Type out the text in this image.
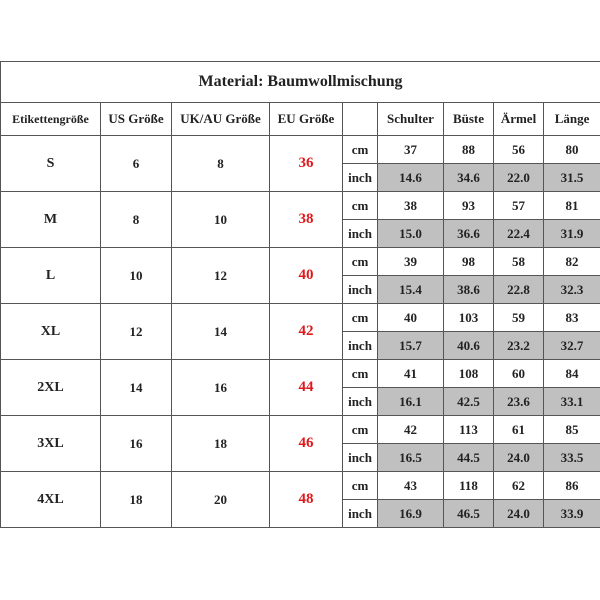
Material: Baumwollmischung								
Etikettengröße	US Größe	UK/AU Größe	EU Größe		Schulter	Büste	Ärmel	Länge
S	6	8	36	cm	37	88	56	80
				inch	14.6	34.6	22.0	31.5
M	8	10	38	cm	38	93	57	81
				inch	15.0	36.6	22.4	31.9
L	10	12	40	cm	39	98	58	82
				inch	15.4	38.6	22.8	32.3
XL	12	14	42	cm	40	103	59	83
				inch	15.7	40.6	23.2	32.7
2XL	14	16	44	cm	41	108	60	84
				inch	16.1	42.5	23.6	33.1
3XL	16	18	46	cm	42	113	61	85
				inch	16.5	44.5	24.0	33.5
4XL	18	20	48	cm	43	118	62	86
				inch	16.9	46.5	24.0	33.9
